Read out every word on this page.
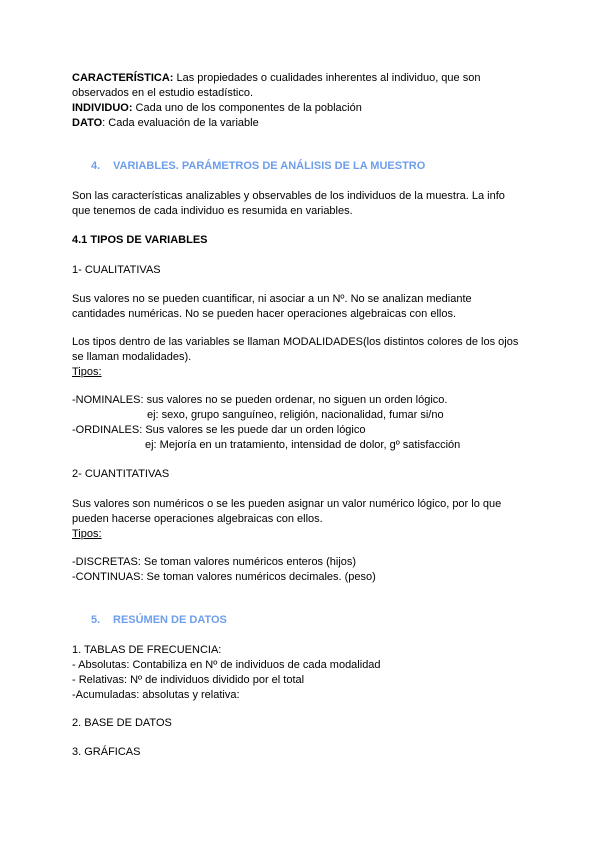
CARACTERÍSTICA: Las propiedades o cualidades inherentes al individuo, que son
observados en el estudio estadístico.
INDIVIDUO: Cada uno de los componentes de la población
DATO: Cada evaluación de la variable
4. VARIABLES. PARÁMETROS DE ANÁLISIS DE LA MUESTRO
Son las características analizables y observables de los individuos de la muestra. La info
que tenemos de cada individuo es resumida en variables.
4.1 TIPOS DE VARIABLES
1- CUALITATIVAS
Sus valores no se pueden cuantificar, ni asociar a un Nº. No se analizan mediante
cantidades numéricas. No se pueden hacer operaciones algebraicas con ellos.
Los tipos dentro de las variables se llaman MODALIDADES(los distintos colores de los ojos
se llaman modalidades).
Tipos:
-NOMINALES: sus valores no se pueden ordenar, no siguen un orden lógico.
ej: sexo, grupo sanguíneo, religión, nacionalidad, fumar si/no
-ORDINALES: Sus valores se les puede dar un orden lógico
ej: Mejoría en un tratamiento, intensidad de dolor, gº satisfacción
2- CUANTITATIVAS
Sus valores son numéricos o se les pueden asignar un valor numérico lógico, por lo que
pueden hacerse operaciones algebraicas con ellos.
Tipos:
-DISCRETAS: Se toman valores numéricos enteros (hijos)
-CONTINUAS: Se toman valores numéricos decimales. (peso)
5. RESÚMEN DE DATOS
1. TABLAS DE FRECUENCIA:
- Absolutas: Contabiliza en Nº de individuos de cada modalidad
- Relativas: Nº de individuos dividido por el total
-Acumuladas: absolutas y relativa:
2. BASE DE DATOS
3. GRÁFICAS
